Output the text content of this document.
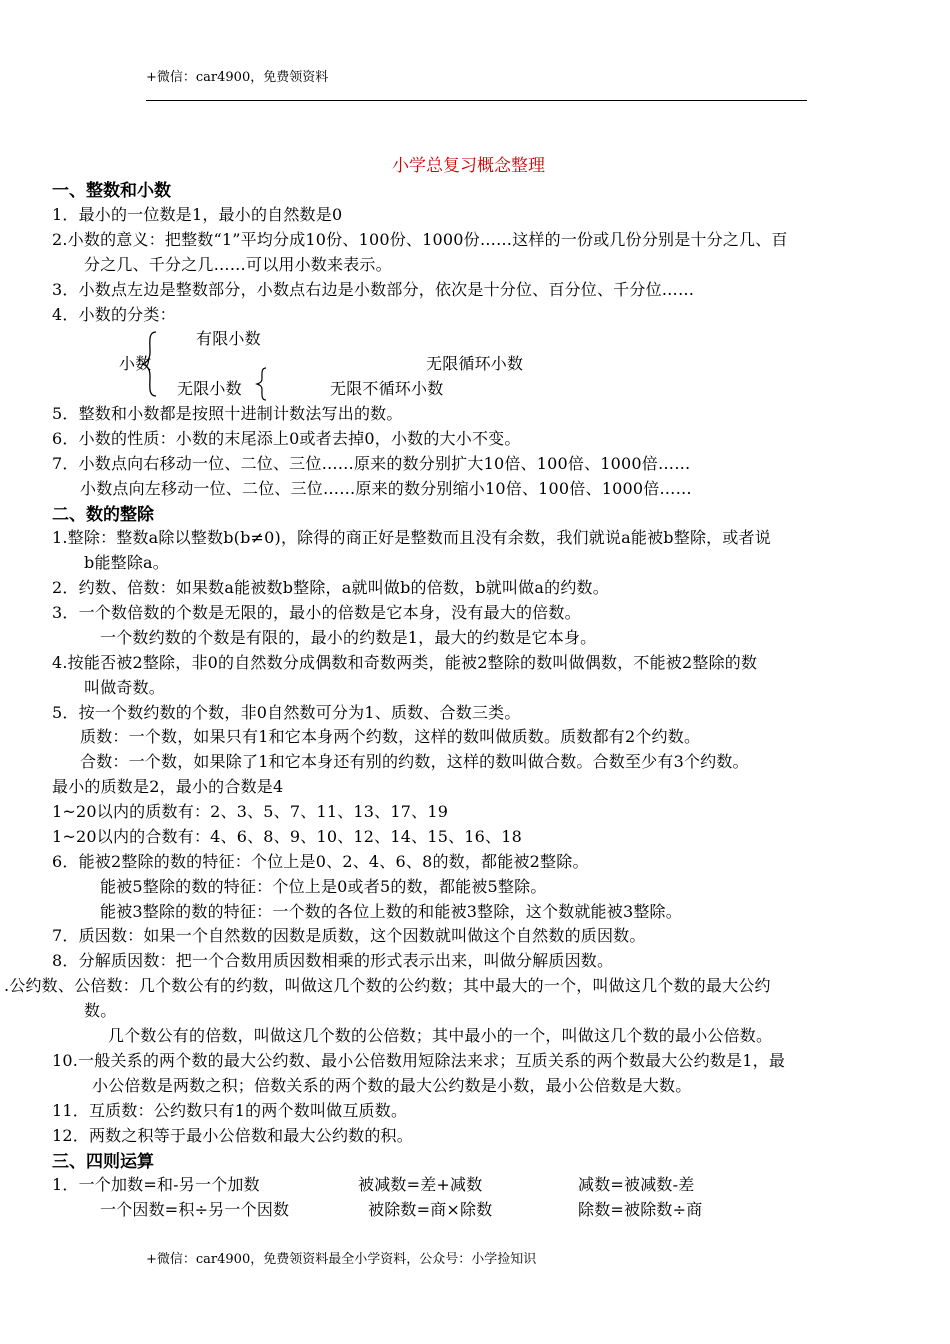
+微信：car4900，免费领资料
小学总复习概念整理
一、整数和小数
1．最小的一位数是1，最小的自然数是0
2.小数的意义：把整数“1”平均分成10份、100份、1000份……这样的一份或几份分别是十分之几、百
分之几、千分之几……可以用小数来表示。
3．小数点左边是整数部分，小数点右边是小数部分，依次是十分位、百分位、千分位……
4．小数的分类：
有限小数
小数	无限循环小数
无限小数	无限不循环小数
5．整数和小数都是按照十进制计数法写出的数。
6．小数的性质：小数的末尾添上0或者去掉0，小数的大小不变。
7．小数点向右移动一位、二位、三位……原来的数分别扩大10倍、100倍、1000倍……
小数点向左移动一位、二位、三位……原来的数分别缩小10倍、100倍、1000倍……
二、数的整除
1.整除：整数a除以整数b(b≠0)，除得的商正好是整数而且没有余数，我们就说a能被b整除，或者说
b能整除a。
2．约数、倍数：如果数a能被数b整除，a就叫做b的倍数，b就叫做a的约数。
3．一个数倍数的个数是无限的，最小的倍数是它本身，没有最大的倍数。
一个数约数的个数是有限的，最小的约数是1，最大的约数是它本身。
4.按能否被2整除，非0的自然数分成偶数和奇数两类，能被2整除的数叫做偶数，不能被2整除的数
叫做奇数。
5．按一个数约数的个数，非0自然数可分为1、质数、合数三类。
质数：一个数，如果只有1和它本身两个约数，这样的数叫做质数。质数都有2个约数。
合数：一个数，如果除了1和它本身还有别的约数，这样的数叫做合数。合数至少有3个约数。
最小的质数是2，最小的合数是4
1~20以内的质数有：2、3、5、7、11、13、17、19
1~20以内的合数有：4、6、8、9、10、12、14、15、16、18
6．能被2整除的数的特征：个位上是0、2、4、6、8的数，都能被2整除。
能被5整除的数的特征：个位上是0或者5的数，都能被5整除。
能被3整除的数的特征：一个数的各位上数的和能被3整除，这个数就能被3整除。
7．质因数：如果一个自然数的因数是质数，这个因数就叫做这个自然数的质因数。
8．分解质因数：把一个合数用质因数相乘的形式表示出来，叫做分解质因数。
.公约数、公倍数：几个数公有的约数，叫做这几个数的公约数；其中最大的一个，叫做这几个数的最大公约
数。
几个数公有的倍数，叫做这几个数的公倍数；其中最小的一个，叫做这几个数的最小公倍数。
10.一般关系的两个数的最大公约数、最小公倍数用短除法来求；互质关系的两个数最大公约数是1，最
小公倍数是两数之积；倍数关系的两个数的最大公约数是小数，最小公倍数是大数。
11．互质数：公约数只有1的两个数叫做互质数。
12．两数之积等于最小公倍数和最大公约数的积。
三、四则运算
1．一个加数=和-另一个加数	被减数=差+减数	减数=被减数-差
一个因数=积÷另一个因数	被除数=商×除数	除数=被除数÷商
+微信：car4900，免费领资料最全小学资料，公众号：小学捡知识
